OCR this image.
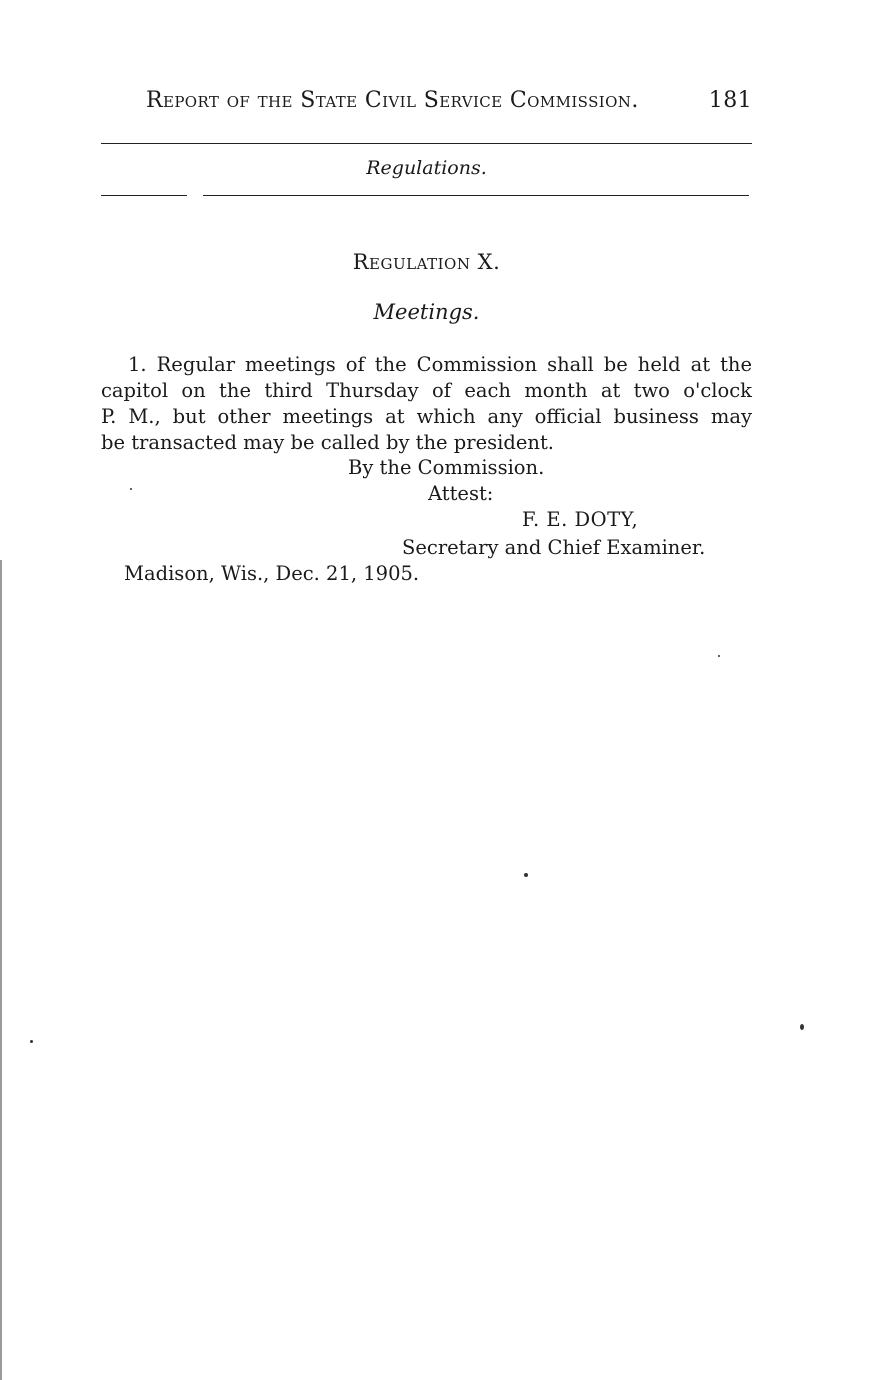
Report of the State Civil Service Commission.	181
Regulations.
Regulation X.
Meetings.
1. Regular meetings of the Commission shall be held at the
capitol on the third Thursday of each month at two o'clock
P. M., but other meetings at which any official business may
be transacted may be called by the president.
By the Commission.
Attest:
F. E. DOTY,
Secretary and Chief Examiner.
Madison, Wis., Dec. 21, 1905.
